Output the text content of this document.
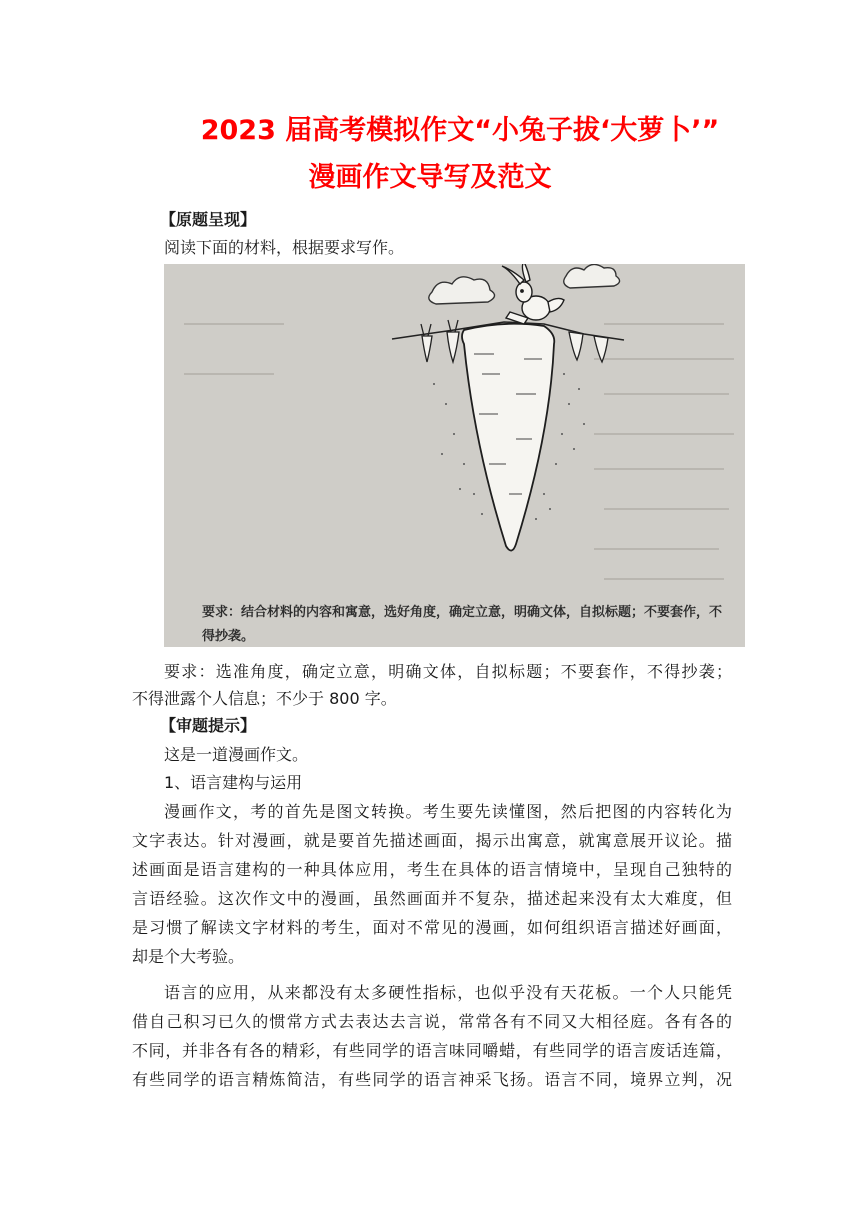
2023 届高考模拟作文“小兔子拔‘大萝卜’”
漫画作文导写及范文
【原题呈现】
阅读下面的材料，根据要求写作。
要求：结合材料的内容和寓意，选好角度，确定立意，明确文体，自拟标题；不要套作，不得抄袭。
要求：选准角度，确定立意，明确文体，自拟标题；不要套作，不得抄袭；
不得泄露个人信息；不少于 800 字。
【审题提示】
这是一道漫画作文。
1、语言建构与运用
漫画作文，考的首先是图文转换。考生要先读懂图，然后把图的内容转化为
文字表达。针对漫画，就是要首先描述画面，揭示出寓意，就寓意展开议论。描
述画面是语言建构的一种具体应用，考生在具体的语言情境中，呈现自己独特的
言语经验。这次作文中的漫画，虽然画面并不复杂，描述起来没有太大难度，但
是习惯了解读文字材料的考生，面对不常见的漫画，如何组织语言描述好画面，
却是个大考验。
语言的应用，从来都没有太多硬性指标，也似乎没有天花板。一个人只能凭
借自己积习已久的惯常方式去表达去言说，常常各有不同又大相径庭。各有各的
不同，并非各有各的精彩，有些同学的语言味同嚼蜡，有些同学的语言废话连篇，
有些同学的语言精炼简洁，有些同学的语言神采飞扬。语言不同，境界立判，况
